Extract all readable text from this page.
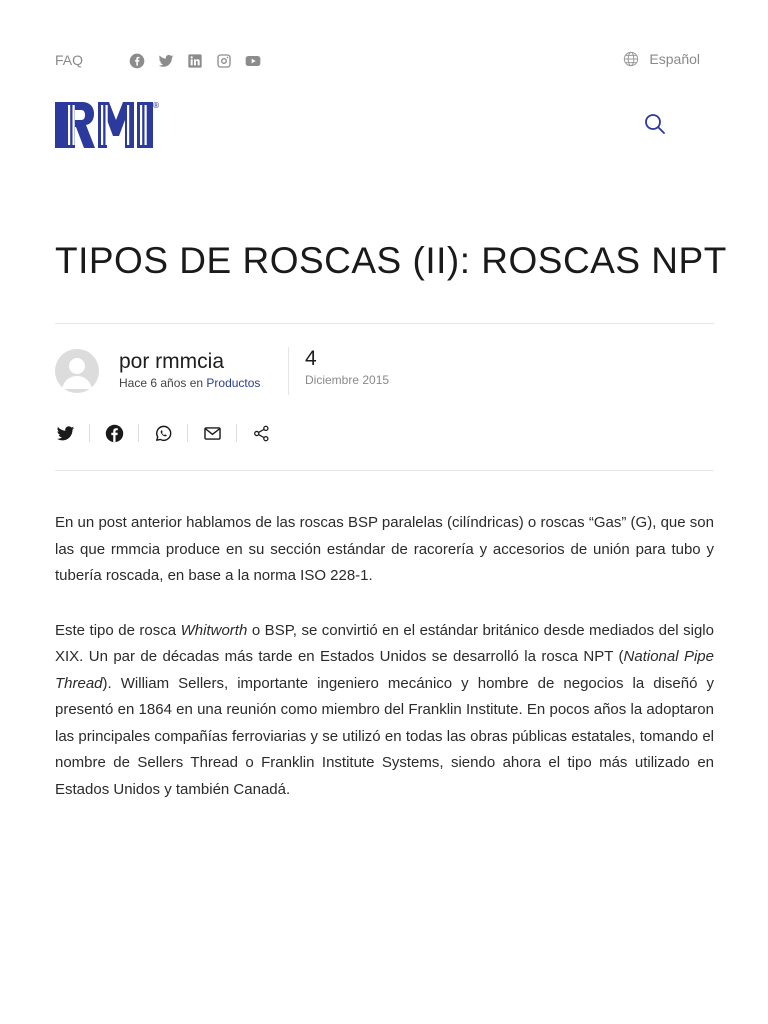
FAQ	Español
®
TIPOS DE ROSCAS (II): ROSCAS NPT
por rmmcia
Hace 6 años en Productos
4
Diciembre 2015

En un post anterior hablamos de las roscas BSP paralelas (cilíndricas) o roscas “Gas” (G), que son las que rmmcia produce en su sección estándar de racorería y accesorios de unión para tubo y tubería roscada, en base a la norma ISO 228-1.

Este tipo de rosca Whitworth o BSP, se convirtió en el estándar británico desde mediados del siglo XIX. Un par de décadas más tarde en Estados Unidos se desarrolló la rosca NPT (National Pipe Thread). William Sellers, importante ingeniero mecánico y hombre de negocios la diseñó y presentó en 1864 en una reunión como miembro del Franklin Institute. En pocos años la adoptaron las principales compañías ferroviarias y se utilizó en todas las obras públicas estatales, tomando el nombre de Sellers Thread o Franklin Institute Systems, siendo ahora el tipo más utilizado en Estados Unidos y también Canadá.
